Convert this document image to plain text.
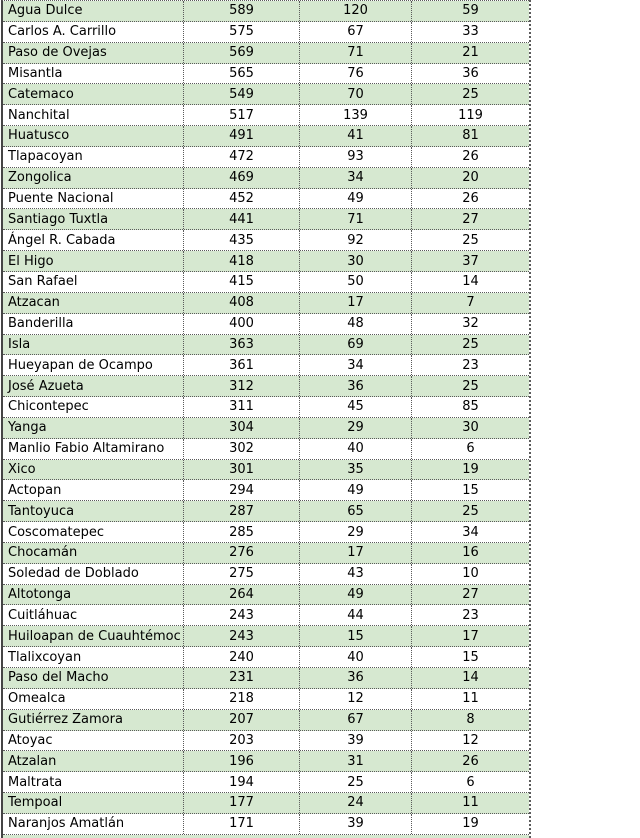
Agua Dulce	589	120	59
Carlos A. Carrillo	575	67	33
Paso de Ovejas	569	71	21
Misantla	565	76	36
Catemaco	549	70	25
Nanchital	517	139	119
Huatusco	491	41	81
Tlapacoyan	472	93	26
Zongolica	469	34	20
Puente Nacional	452	49	26
Santiago Tuxtla	441	71	27
Ángel R. Cabada	435	92	25
El Higo	418	30	37
San Rafael	415	50	14
Atzacan	408	17	7
Banderilla	400	48	32
Isla	363	69	25
Hueyapan de Ocampo	361	34	23
José Azueta	312	36	25
Chicontepec	311	45	85
Yanga	304	29	30
Manlio Fabio Altamirano	302	40	6
Xico	301	35	19
Actopan	294	49	15
Tantoyuca	287	65	25
Coscomatepec	285	29	34
Chocamán	276	17	16
Soledad de Doblado	275	43	10
Altotonga	264	49	27
Cuitláhuac	243	44	23
Huiloapan de Cuauhtémoc	243	15	17
Tlalixcoyan	240	40	15
Paso del Macho	231	36	14
Omealca	218	12	11
Gutiérrez Zamora	207	67	8
Atoyac	203	39	12
Atzalan	196	31	26
Maltrata	194	25	6
Tempoal	177	24	11
Naranjos Amatlán	171	39	19
